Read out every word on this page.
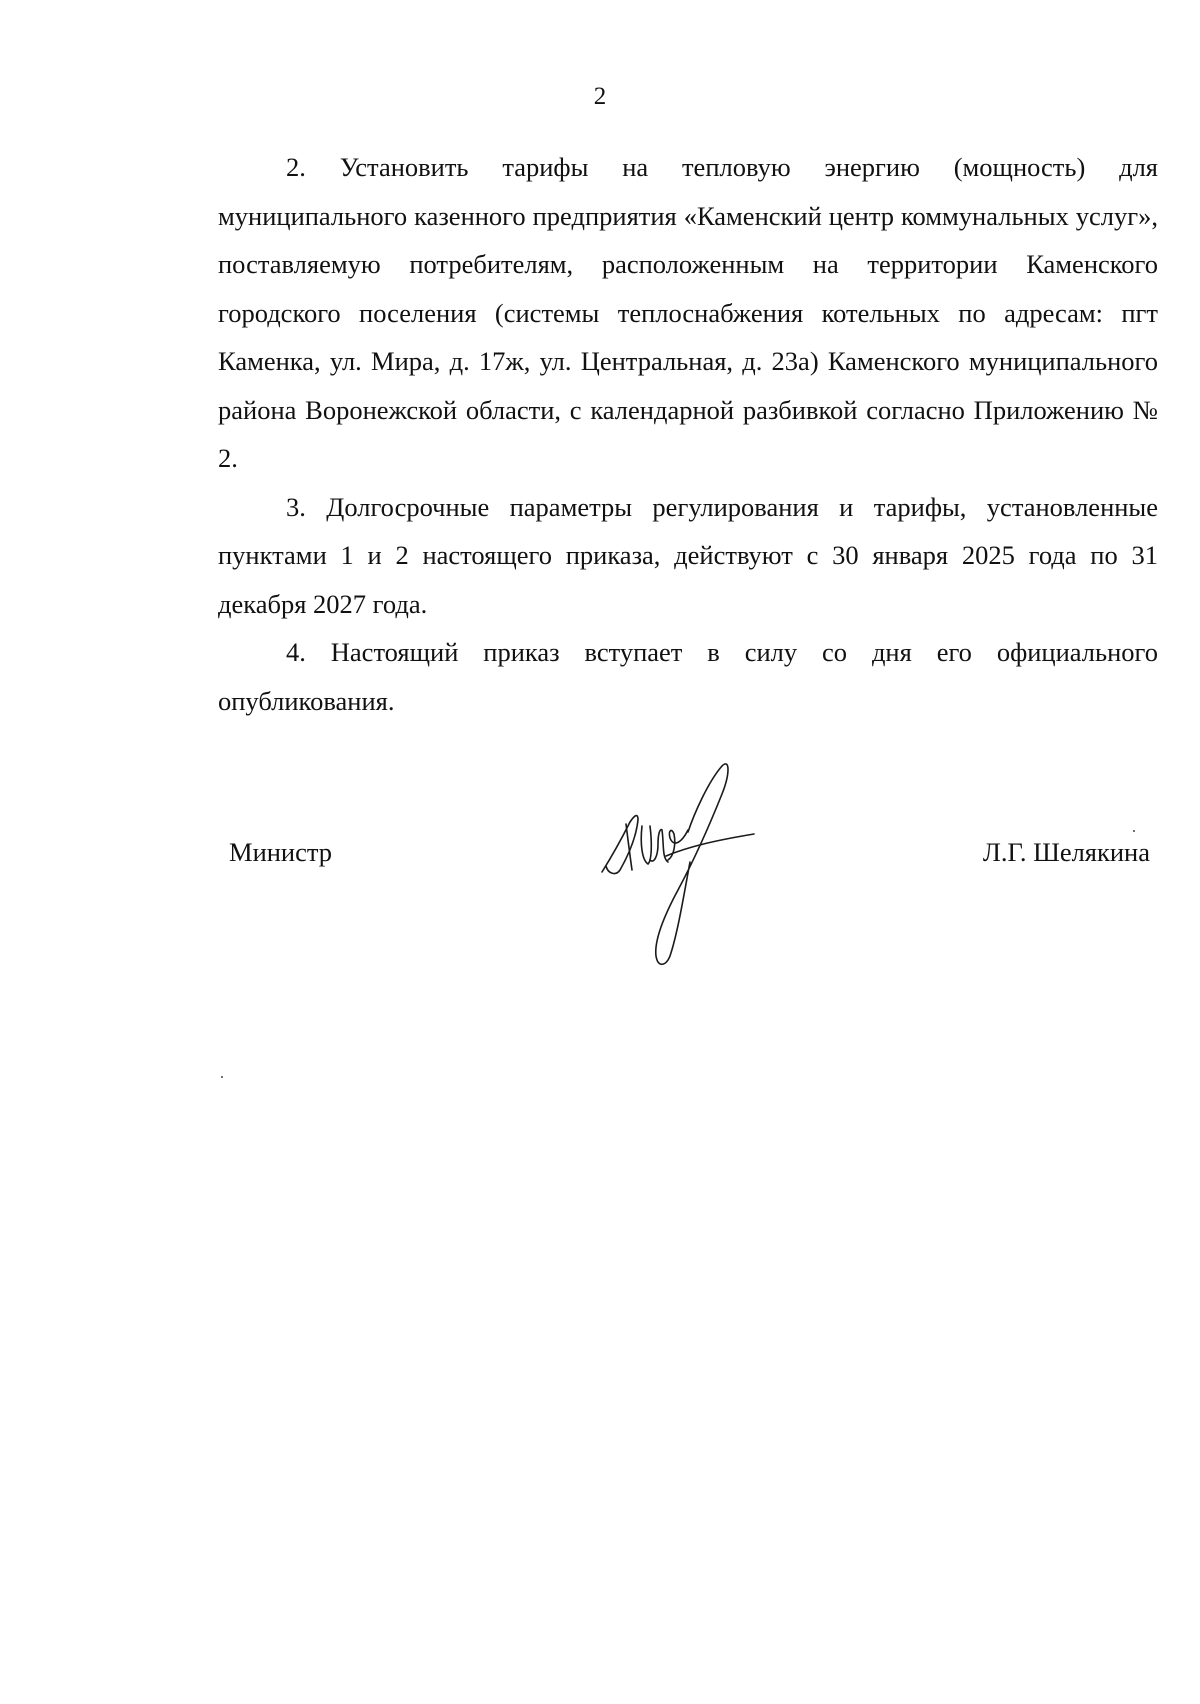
2

2. Установить тарифы на тепловую энергию (мощность) для муниципального казенного предприятия «Каменский центр коммунальных услуг», поставляемую потребителям, расположенным на территории Каменского городского поселения (системы теплоснабжения котельных по адресам: пгт Каменка, ул. Мира, д. 17ж, ул. Центральная, д. 23а) Каменского муниципального района Воронежской области, с календарной разбивкой согласно Приложению № 2.

3. Долгосрочные параметры регулирования и тарифы, установленные пунктами 1 и 2 настоящего приказа, действуют с 30 января 2025 года по 31 декабря 2027 года.

4. Настоящий приказ вступает в силу со дня его официального опубликования.

Министр	Л.Г. Шелякина
